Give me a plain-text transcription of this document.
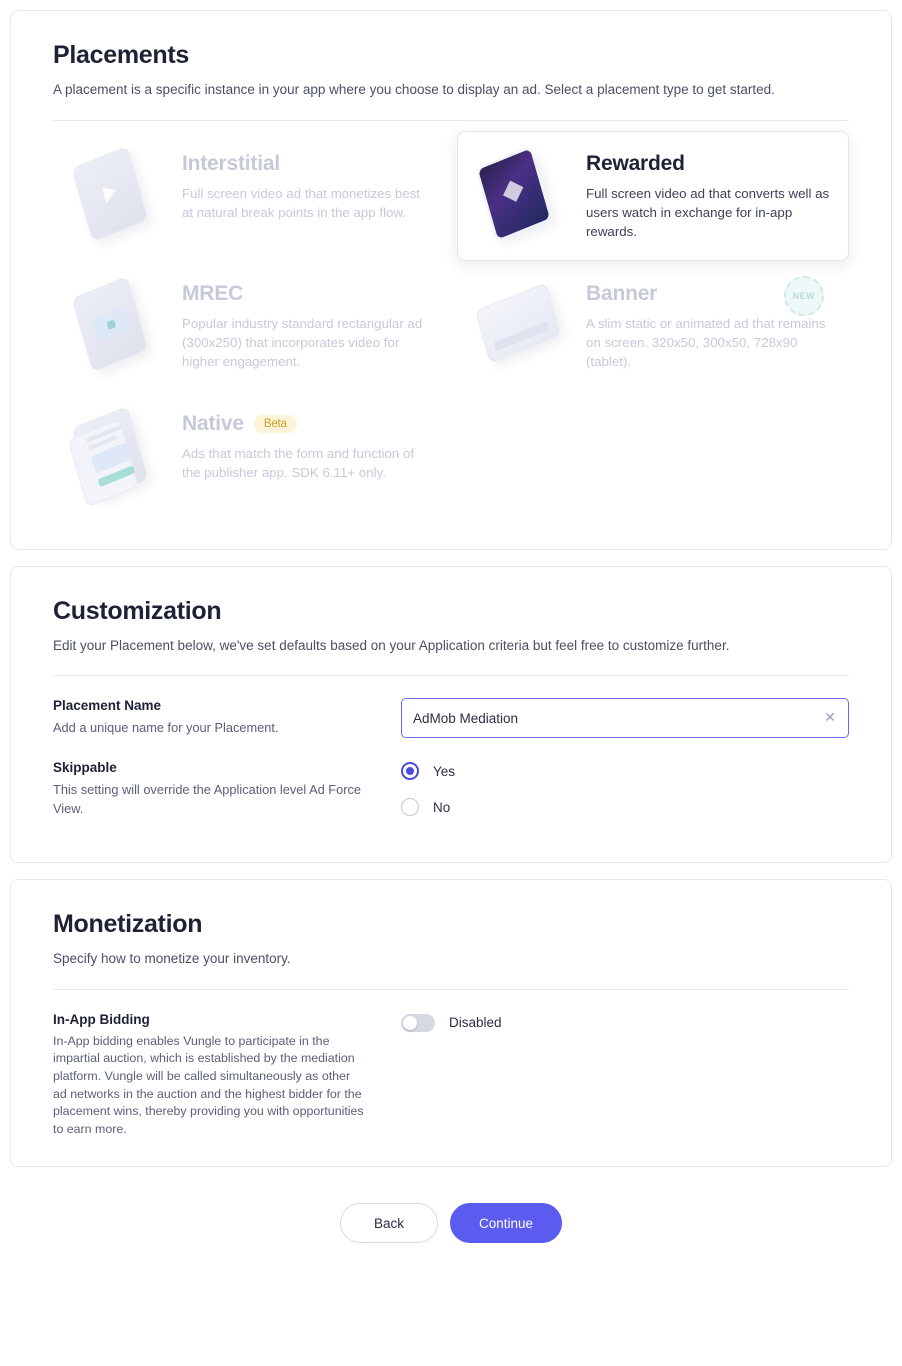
Placements

A placement is a specific instance in your app where you choose to display an ad. Select a placement type to get started.

Interstitial

Full screen video ad that monetizes best at natural break points in the app flow.

Rewarded

Full screen video ad that converts well as users watch in exchange for in-app rewards.

MREC

Popular industry standard rectangular ad (300x250) that incorporates video for higher engagement.

Banner

A slim static or animated ad that remains on screen. 320x50, 300x50, 728x90 (tablet).

NEW
Native Beta

Ads that match the form and function of the publisher app. SDK 6.11+ only.

Customization

Edit your Placement below, we've set defaults based on your Application criteria but feel free to customize further.

Placement Name

Add a unique name for your Placement.

AdMob Mediation
✕

Skippable

This setting will override the Application level Ad Force View.

Yes
No
Monetization

Specify how to monetize your inventory.

In-App Bidding

In-App bidding enables Vungle to participate in the impartial auction, which is established by the mediation platform. Vungle will be called simultaneously as other ad networks in the auction and the highest bidder for the placement wins, thereby providing you with opportunities to earn more.

Disabled
Back	Continue
